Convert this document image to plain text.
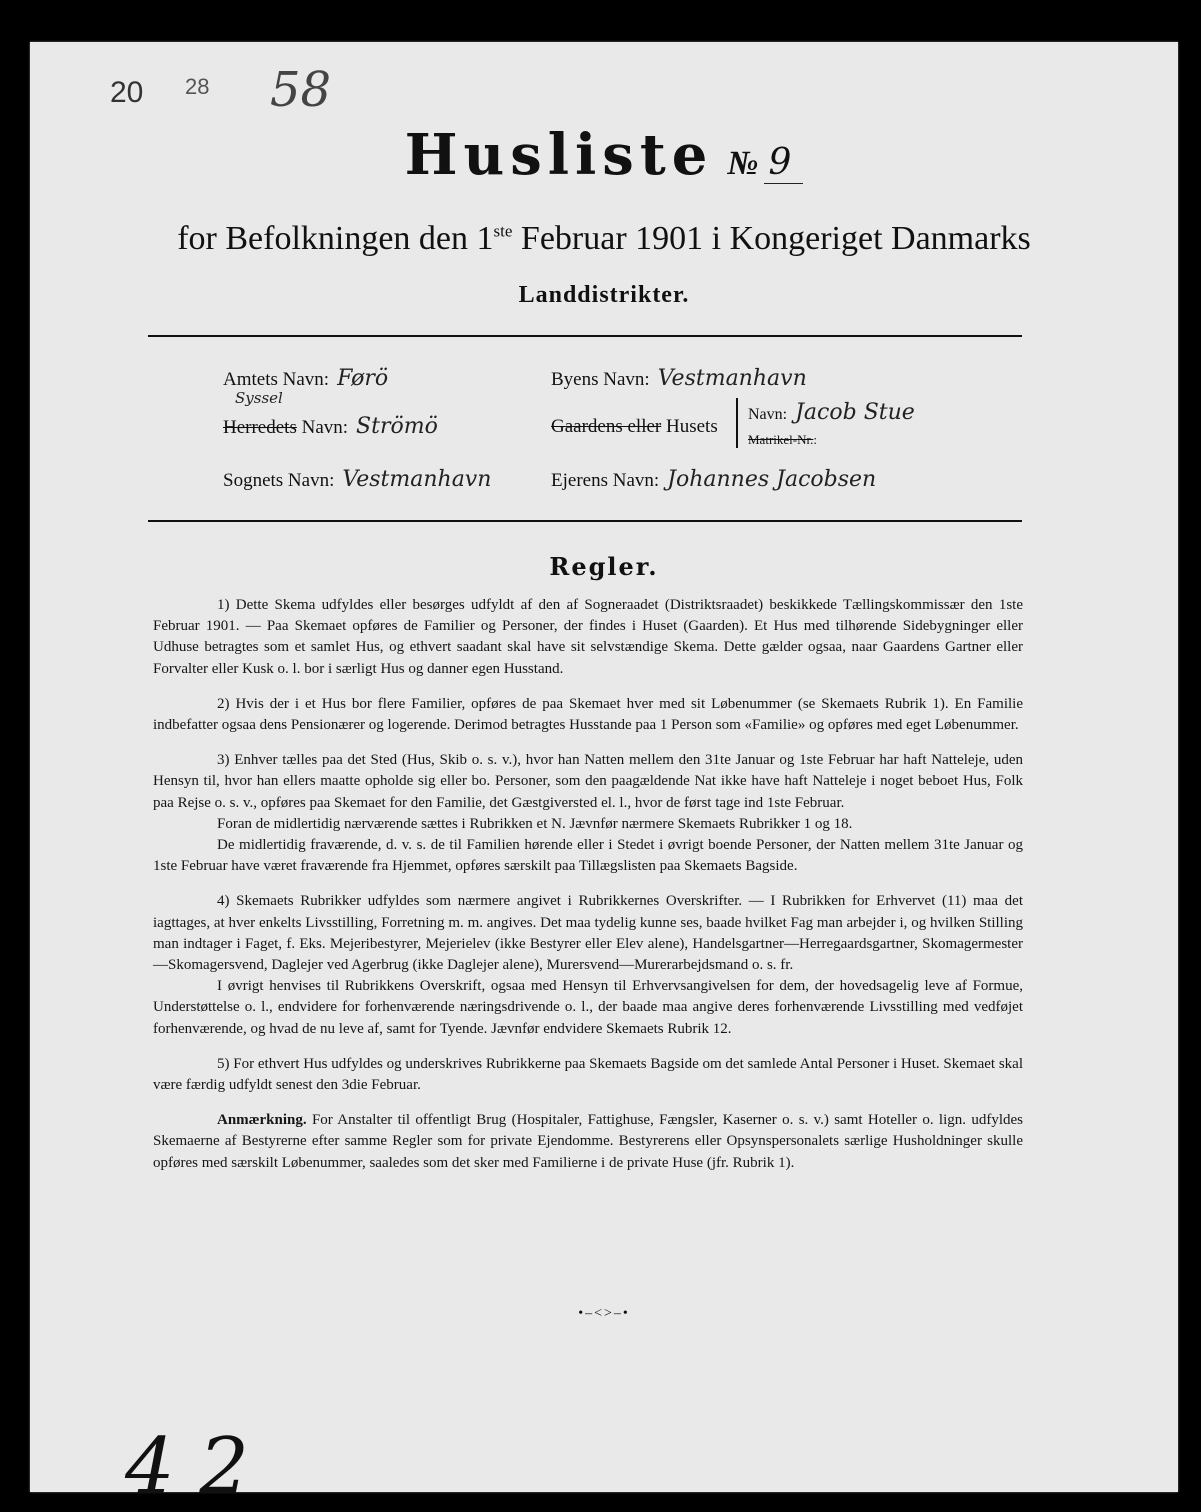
20 28 58
Husliste № 9
for Befolkningen den 1ste Februar 1901 i Kongeriget Danmarks
Landdistrikter.
Amtets Navn: Førö	Byens Navn: Vestmanhavn
Syssel
Herredets Navn: Strömö	Gaardens eller Husets
Navn: Jacob Stue
Matrikel-Nr.:
Sognets Navn: Vestmanhavn	Ejerens Navn: Johannes Jacobsen
Regler.

1) Dette Skema udfyldes eller besørges udfyldt af den af Sogneraadet (Distriktsraadet) beskikkede Tællingskommissær den 1ste Februar 1901. — Paa Skemaet opføres de Familier og Personer, der findes i Huset (Gaarden). Et Hus med tilhørende Sidebygninger eller Udhuse betragtes som et samlet Hus, og ethvert saadant skal have sit selvstændige Skema. Dette gælder ogsaa, naar Gaardens Gartner eller Forvalter eller Kusk o. l. bor i særligt Hus og danner egen Husstand.

2) Hvis der i et Hus bor flere Familier, opføres de paa Skemaet hver med sit Løbenummer (se Skemaets Rubrik 1). En Familie indbefatter ogsaa dens Pensionærer og logerende. Derimod betragtes Husstande paa 1 Person som «Familie» og opføres med eget Løbenummer.

3) Enhver tælles paa det Sted (Hus, Skib o. s. v.), hvor han Natten mellem den 31te Januar og 1ste Februar har haft Natteleje, uden Hensyn til, hvor han ellers maatte opholde sig eller bo. Personer, som den paagældende Nat ikke have haft Natteleje i noget beboet Hus, Folk paa Rejse o. s. v., opføres paa Skemaet for den Familie, det Gæstgiversted el. l., hvor de først tage ind 1ste Februar.

Foran de midlertidig nærværende sættes i Rubrikken et N. Jævnfør nærmere Skemaets Rubrikker 1 og 18.

De midlertidig fraværende, d. v. s. de til Familien hørende eller i Stedet i øvrigt boende Personer, der Natten mellem 31te Januar og 1ste Februar have været fraværende fra Hjemmet, opføres særskilt paa Tillægslisten paa Skemaets Bagside.

4) Skemaets Rubrikker udfyldes som nærmere angivet i Rubrikkernes Overskrifter. — I Rubrikken for Erhvervet (11) maa det iagttages, at hver enkelts Livsstilling, Forretning m. m. angives. Det maa tydelig kunne ses, baade hvilket Fag man arbejder i, og hvilken Stilling man indtager i Faget, f. Eks. Mejeribestyrer, Mejerielev (ikke Bestyrer eller Elev alene), Handelsgartner—Herregaardsgartner, Skomagermester—Skomagersvend, Daglejer ved Agerbrug (ikke Daglejer alene), Murersvend—Murerarbejdsmand o. s. fr.

I øvrigt henvises til Rubrikkens Overskrift, ogsaa med Hensyn til Erhvervsangivelsen for dem, der hovedsagelig leve af Formue, Understøttelse o. l., endvidere for forhenværende næringsdrivende o. l., der baade maa angive deres forhenværende Livsstilling med vedføjet forhenværende, og hvad de nu leve af, samt for Tyende. Jævnfør endvidere Skemaets Rubrik 12.

5) For ethvert Hus udfyldes og underskrives Rubrikkerne paa Skemaets Bagside om det samlede Antal Personer i Huset. Skemaet skal være færdig udfyldt senest den 3die Februar.

Anmærkning. For Anstalter til offentligt Brug (Hospitaler, Fattighuse, Fængsler, Kaserner o. s. v.) samt Hoteller o. lign. udfyldes Skemaerne af Bestyrerne efter samme Regler som for private Ejendomme. Bestyrerens eller Opsynspersonalets særlige Husholdninger skulle opføres med særskilt Løbenummer, saaledes som det sker med Familierne i de private Huse (jfr. Rubrik 1).

•–<>–•
4 2
